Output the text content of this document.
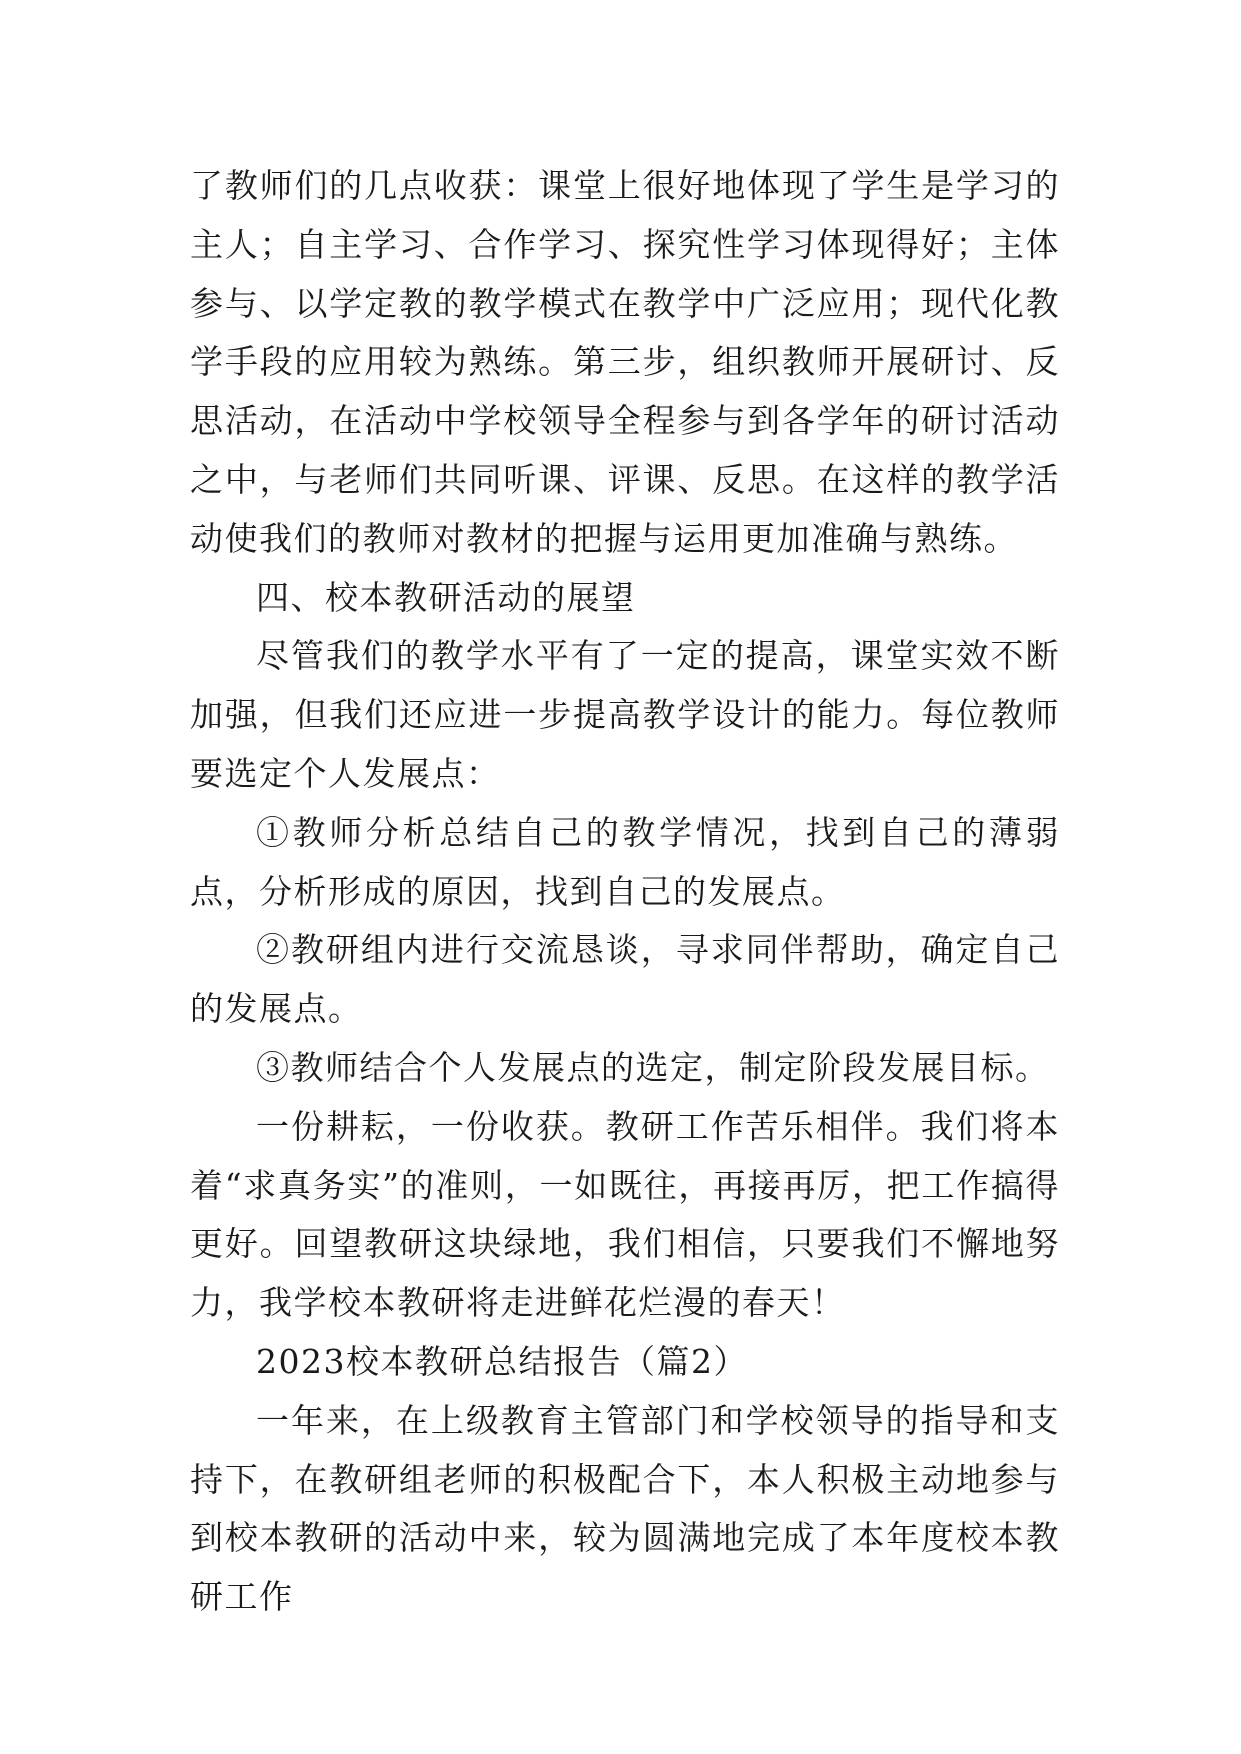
了教师们的几点收获：课堂上很好地体现了学生是学习的主人；自主学习、合作学习、探究性学习体现得好；主体参与、以学定教的教学模式在教学中广泛应用；现代化教学手段的应用较为熟练。第三步，组织教师开展研讨、反思活动，在活动中学校领导全程参与到各学年的研讨活动之中，与老师们共同听课、评课、反思。在这样的教学活动使我们的教师对教材的把握与运用更加准确与熟练。

四、校本教研活动的展望

尽管我们的教学水平有了一定的提高，课堂实效不断加强，但我们还应进一步提高教学设计的能力。每位教师要选定个人发展点：

①教师分析总结自己的教学情况，找到自己的薄弱点，分析形成的原因，找到自己的发展点。

②教研组内进行交流恳谈，寻求同伴帮助，确定自己的发展点。

③教师结合个人发展点的选定，制定阶段发展目标。

一份耕耘，一份收获。教研工作苦乐相伴。我们将本着“求真务实”的准则，一如既往，再接再厉，把工作搞得更好。回望教研这块绿地，我们相信，只要我们不懈地努力，我学校本教研将走进鲜花烂漫的春天！

2023校本教研总结报告（篇2）

一年来，在上级教育主管部门和学校领导的指导和支持下，在教研组老师的积极配合下，本人积极主动地参与到校本教研的活动中来，较为圆满地完成了本年度校本教研工作
